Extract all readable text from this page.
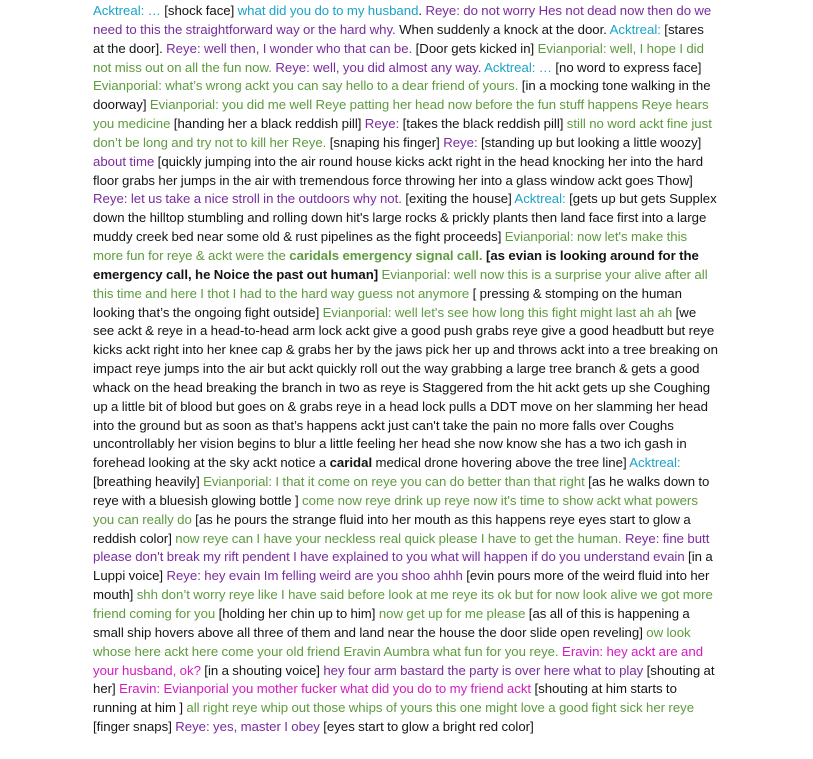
Acktreal: … [shock face] what did you do to my husband. Reye: do not worry Hes not dead now then do we need to this the straightforward way or the hard why. When suddenly a knock at the door. Acktreal: [stares at the door]. Reye: well then, I wonder who that can be. [Door gets kicked in] Evianporial: well, I hope I did not miss out on all the fun now. Reye: well, you did almost any way. Acktreal: … [no word to express face] Evianporial: what’s wrong ackt you can say hello to a dear friend of yours. [in a mocking tone walking in the doorway] Evianporial: you did me well Reye patting her head now before the fun stuff happens Reye hears you medicine [handing her a black reddish pill] Reye: [takes the black reddish pill] still no word ackt fine just don’t be long and try not to kill her Reye. [snaping his finger] Reye: [standing up but looking a little woozy] about time [quickly jumping into the air round house kicks ackt right in the head knocking her into the hard floor grabs her jumps in the air with tremendous force throwing her into a glass window ackt goes Thow] Reye: let us take a nice stroll in the outdoors why not. [exiting the house] Acktreal: [gets up but gets Supplex down the hilltop stumbling and rolling down hit's large rocks & prickly plants then land face first into a large muddy creek bed near some old & rust pipelines as the fight proceeds] Evianporial: now let's make this more fun for reye & ackt were the caridals emergency signal call. [as evian is looking around for the emergency call, he Noice the past out human] Evianporial: well now this is a surprise your alive after all this time and here I thot I had to the hard way guess not anymore [ pressing & stomping on the human looking that’s the ongoing fight outside] Evianporial: well let's see how long this fight might last ah ah [we see ackt & reye in a head-to-head arm lock ackt give a good push grabs reye give a good headbutt but reye kicks ackt right into her knee cap & grabs her by the jaws pick her up and throws ackt into a tree breaking on impact reye jumps into the air but ackt quickly roll out the way grabbing a large tree branch & gets a good whack on the head breaking the branch in two as reye is Staggered from the hit ackt gets up she Coughing up a little bit of blood but goes on & grabs reye in a head lock pulls a DDT move on her slamming her head into the ground but as soon as that’s happens ackt just can't take the pain no more falls over Coughs uncontrollably her vision begins to blur a little feeling her head she now know she has a two ich gash in forehead looking at the sky ackt notice a caridal medical drone hovering above the tree line] Acktreal: [breathing heavily] Evianporial: I that it come on reye you can do better than that right [as he walks down to reye with a bluesish glowing bottle ] come now reye drink up reye now it's time to show ackt what powers you can really do [as he pours the strange fluid into her mouth as this happens reye eyes start to glow a reddish color] now reye can I have your neckless real quick please I have to get the human. Reye: fine butt please don't break my rift pendent I have explained to you what will happen if do you understand evain [in a Luppi voice] Reye: hey evain Im felling weird are you shoo ahhh [evin pours more of the weird fluid into her mouth] shh don’t worry reye like I have said before look at me reye its ok but for now look alive we got more friend coming for you [holding her chin up to him] now get up for me please [as all of this is happening a small ship hovers above all three of them and land near the house the door slide open reveling] ow look whose here ackt here come your old friend Eravin Aumbra what fun for you reye. Eravin: hey ackt are and your husband, ok? [in a shouting voice] hey four arm bastard the party is over here what to play [shouting at her] Eravin: Evianporial you mother fucker what did you do to my friend ackt [shouting at him starts to running at him ] all right reye whip out those whips of yours this one might love a good fight sick her reye [finger snaps] Reye: yes, master I obey [eyes start to glow a bright red color]
